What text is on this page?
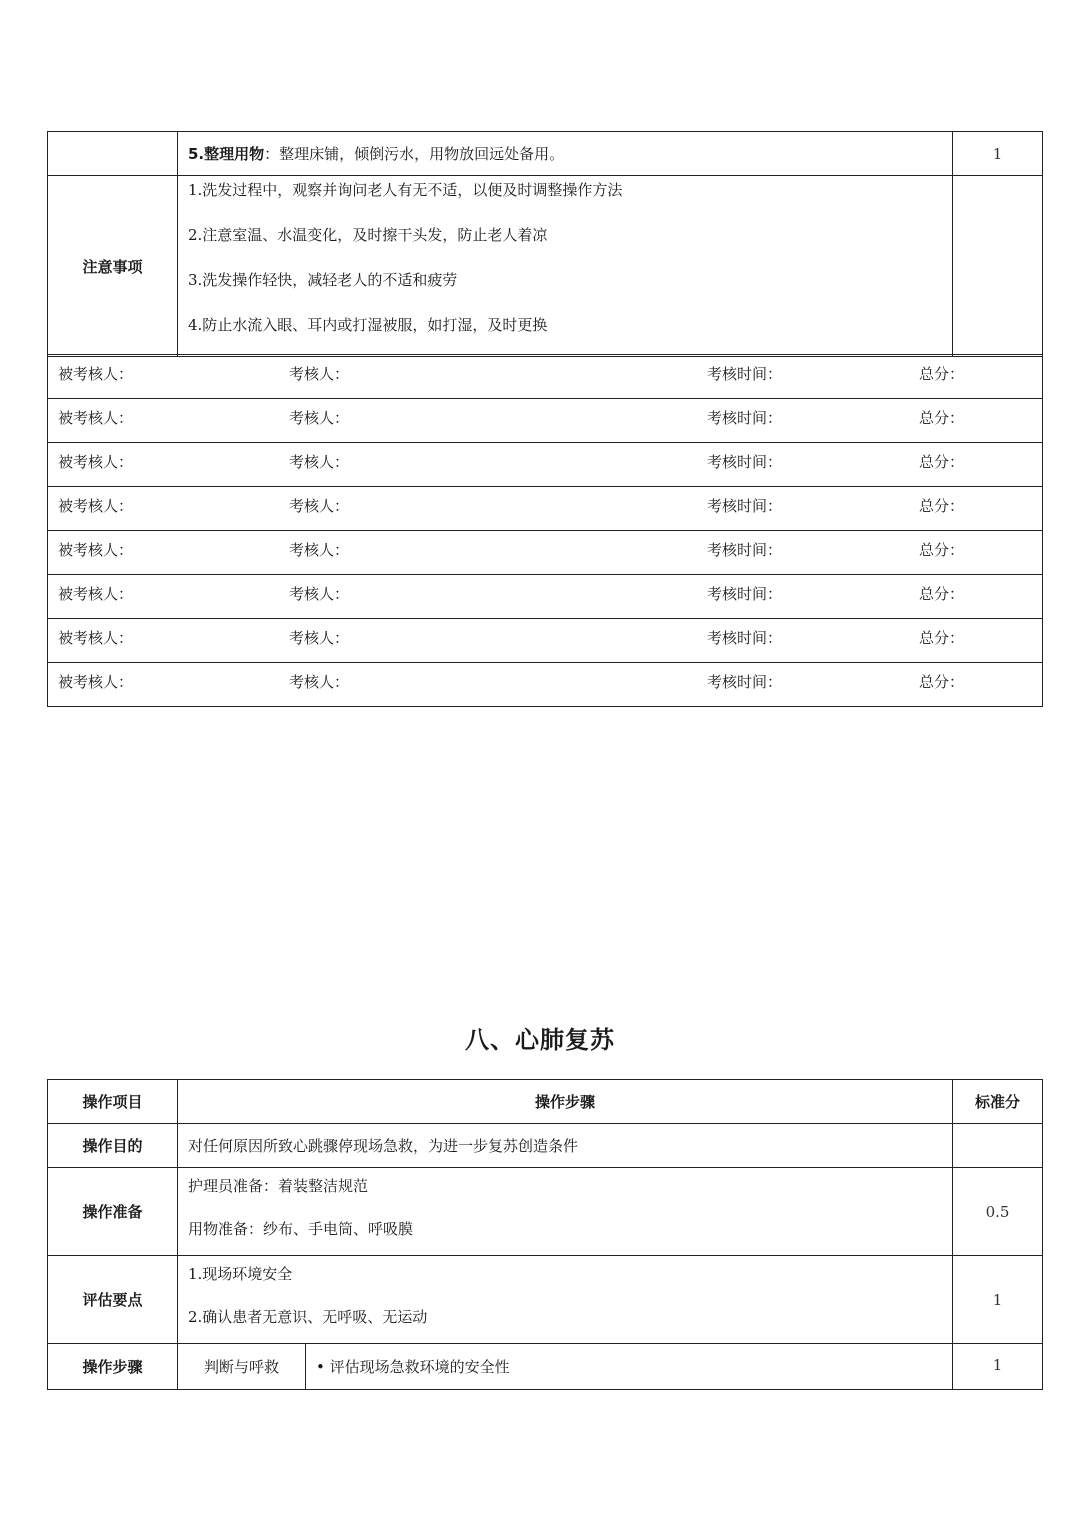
	5.整理用物：整理床铺，倾倒污水，用物放回远处备用。	1
注意事项	1.洗发过程中，观察并询问老人有无不适，以便及时调整操作方法
2.注意室温、水温变化，及时擦干头发，防止老人着凉
3.洗发操作轻快，减轻老人的不适和疲劳
4.防止水流入眼、耳内或打湿被服，如打湿，及时更换	

被考核人：	考核人：	考核时间：	总分：

被考核人：	考核人：	考核时间：	总分：

被考核人：	考核人：	考核时间：	总分：

被考核人：	考核人：	考核时间：	总分：

被考核人：	考核人：	考核时间：	总分：

被考核人：	考核人：	考核时间：	总分：

被考核人：	考核人：	考核时间：	总分：

被考核人：	考核人：	考核时间：	总分：
八、心肺复苏
操作项目	操作步骤		标准分
操作目的	对任何原因所致心跳骤停现场急救，为进一步复苏创造条件		
操作准备	护理员准备：着装整洁规范
用物准备：纱布、手电筒、呼吸膜		0.5
评估要点	1.现场环境安全
2.确认患者无意识、无呼吸、无运动		1
操作步骤	判断与呼救	• 评估现场急救环境的安全性	1
